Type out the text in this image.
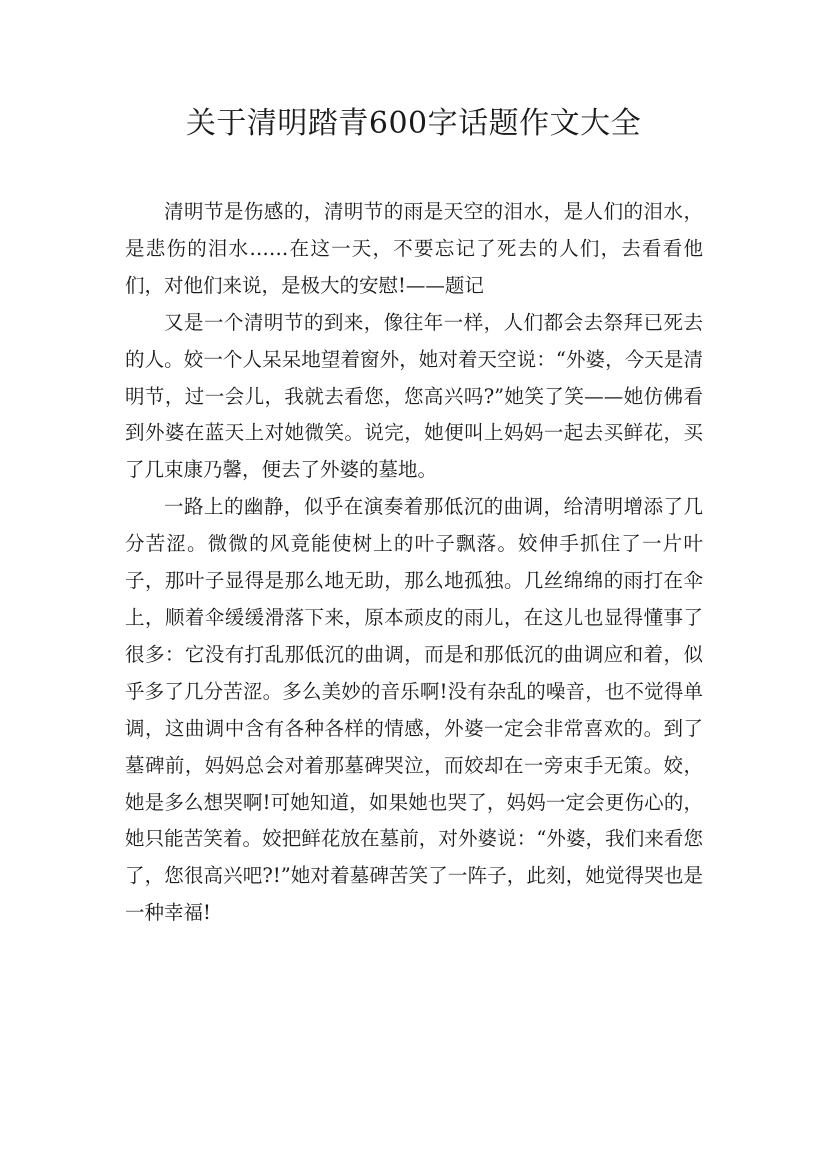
关于清明踏青600字话题作文大全

清明节是伤感的，清明节的雨是天空的泪水，是人们的泪水，是悲伤的泪水……在这一天，不要忘记了死去的人们，去看看他们，对他们来说，是极大的安慰!——题记

又是一个清明节的到来，像往年一样，人们都会去祭拜已死去的人。姣一个人呆呆地望着窗外，她对着天空说：“外婆，今天是清明节，过一会儿，我就去看您，您高兴吗?”她笑了笑——她仿佛看到外婆在蓝天上对她微笑。说完，她便叫上妈妈一起去买鲜花，买了几束康乃馨，便去了外婆的墓地。

一路上的幽静，似乎在演奏着那低沉的曲调，给清明增添了几分苦涩。微微的风竟能使树上的叶子飘落。姣伸手抓住了一片叶子，那叶子显得是那么地无助，那么地孤独。几丝绵绵的雨打在伞上，顺着伞缓缓滑落下来，原本顽皮的雨儿，在这儿也显得懂事了很多：它没有打乱那低沉的曲调，而是和那低沉的曲调应和着，似乎多了几分苦涩。多么美妙的音乐啊!没有杂乱的噪音，也不觉得单调，这曲调中含有各种各样的情感，外婆一定会非常喜欢的。到了墓碑前，妈妈总会对着那墓碑哭泣，而姣却在一旁束手无策。姣，她是多么想哭啊!可她知道，如果她也哭了，妈妈一定会更伤心的，她只能苦笑着。姣把鲜花放在墓前，对外婆说：“外婆，我们来看您了，您很高兴吧?!”她对着墓碑苦笑了一阵子，此刻，她觉得哭也是一种幸福!
